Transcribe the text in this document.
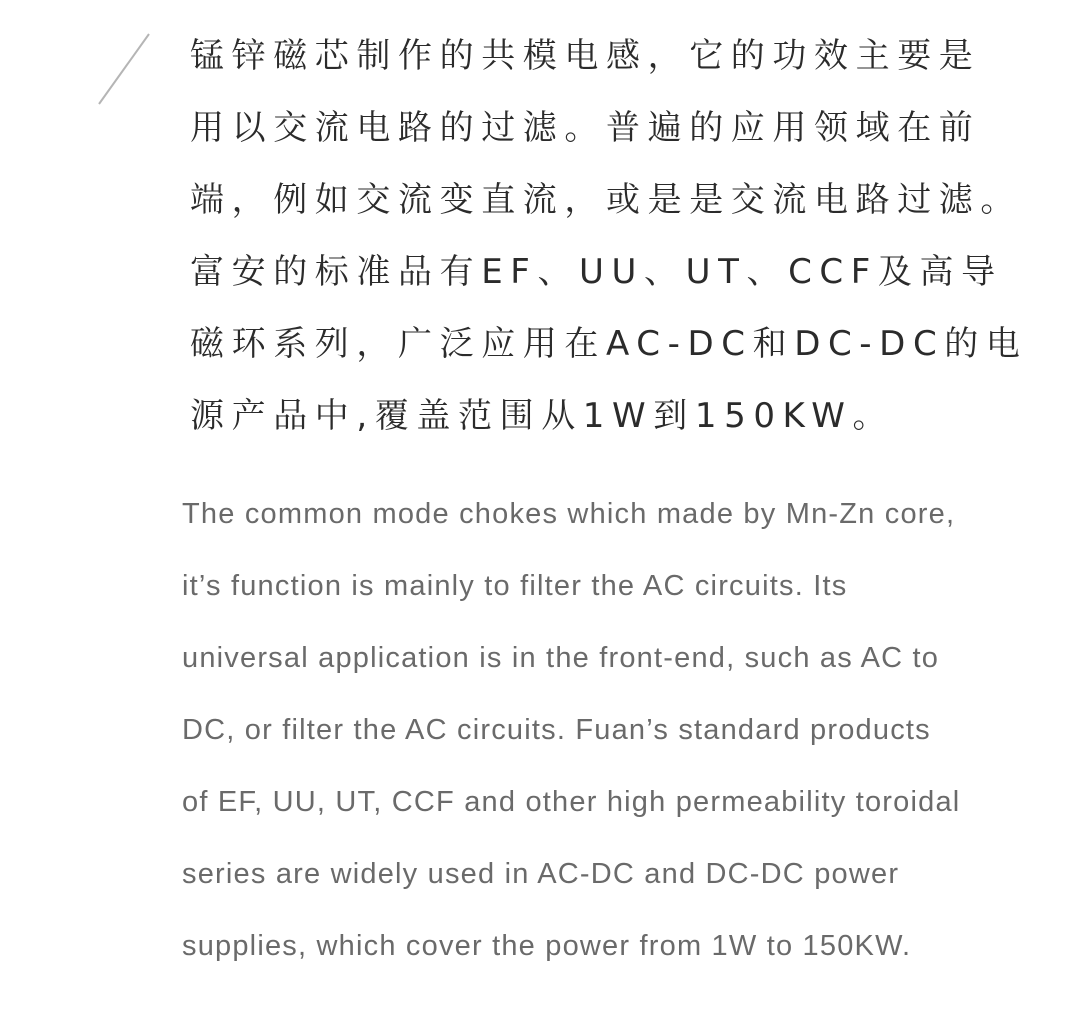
锰锌磁芯制作的共模电感，它的功效主要是
用以交流电路的过滤。普遍的应用领域在前
端，例如交流变直流，或是是交流电路过滤。
富安的标准品有EF、UU、UT、CCF及高导
磁环系列，广泛应用在AC-DC和DC-DC的电
源产品中,覆盖范围从1W到150KW。
The common mode chokes which made by Mn-Zn core,
it’s function is mainly to filter the AC circuits. Its
universal application is in the front-end, such as AC to
DC, or filter the AC circuits. Fuan’s standard products
of EF, UU, UT, CCF and other high permeability toroidal
series are widely used in AC-DC and DC-DC power
supplies, which cover the power from 1W to 150KW.
